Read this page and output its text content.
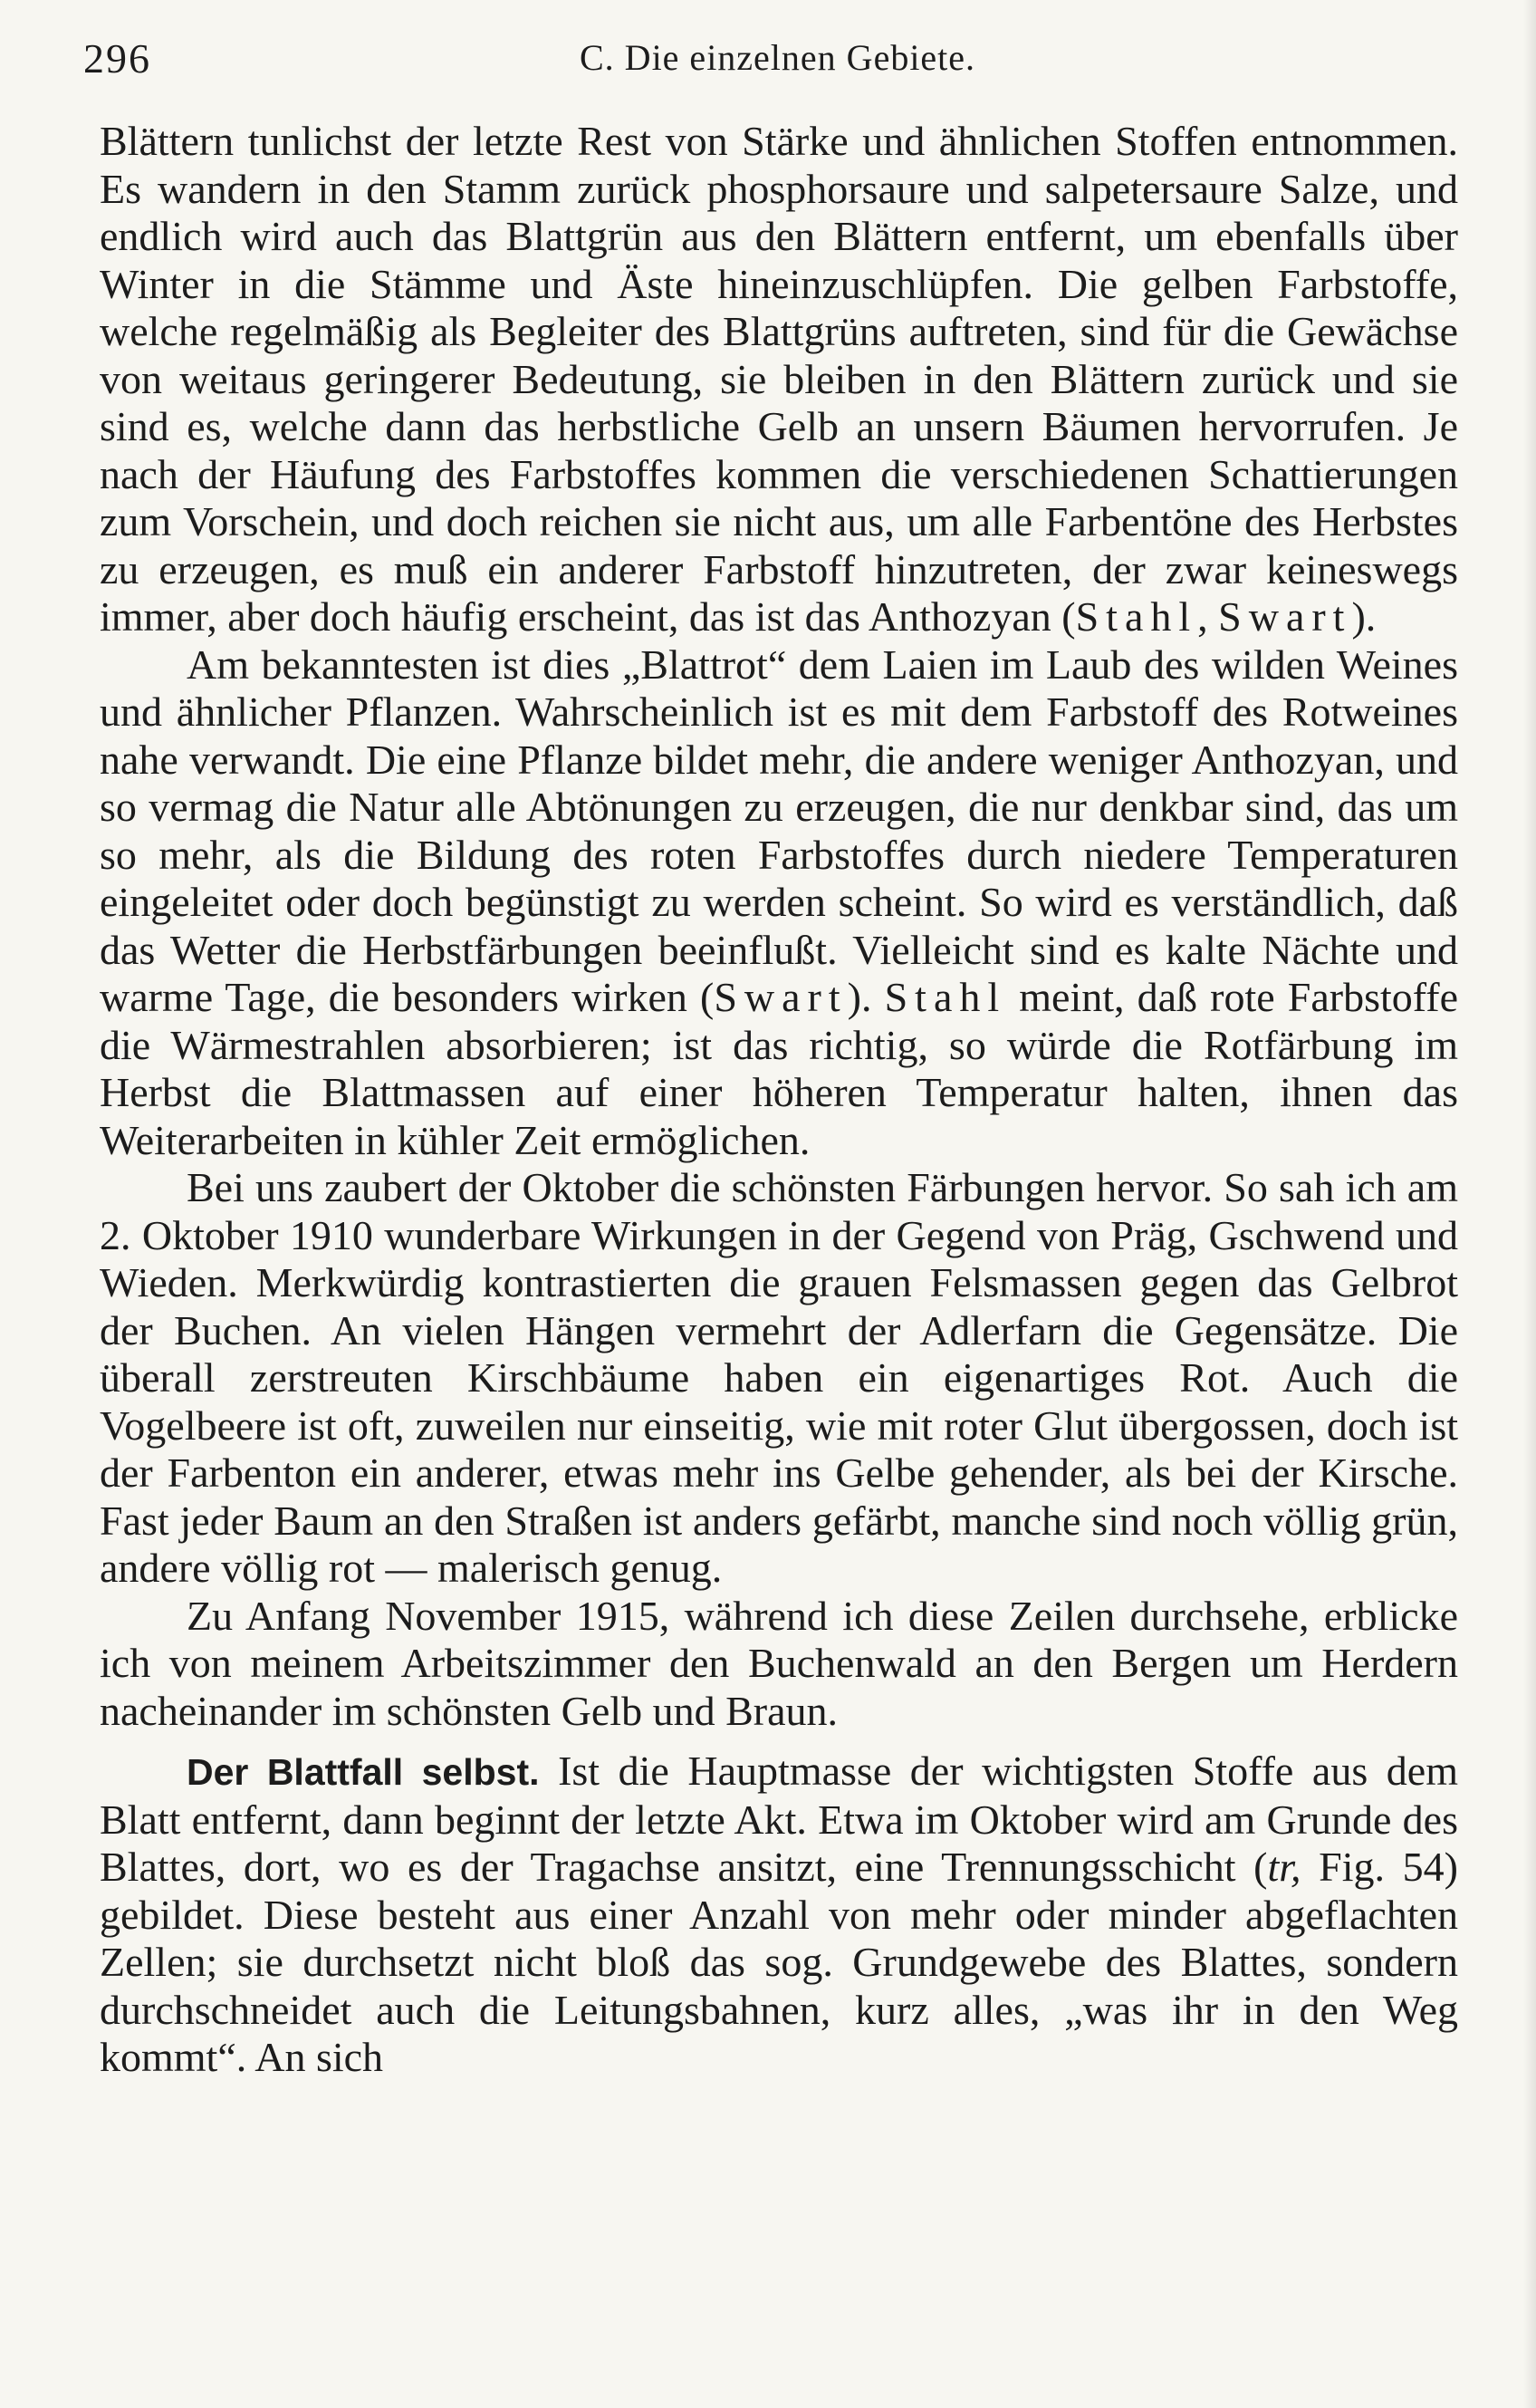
296	C. Die einzelnen Gebiete.

Blättern tunlichst der letzte Rest von Stärke und ähnlichen Stoffen entnommen. Es wandern in den Stamm zurück phosphorsaure und salpetersaure Salze, und endlich wird auch das Blattgrün aus den Blättern entfernt, um ebenfalls über Winter in die Stämme und Äste hineinzuschlüpfen. Die gelben Farbstoffe, welche regelmäßig als Begleiter des Blattgrüns auftreten, sind für die Gewächse von weitaus geringerer Bedeutung, sie bleiben in den Blättern zurück und sie sind es, welche dann das herbstliche Gelb an unsern Bäumen hervorrufen. Je nach der Häufung des Farbstoffes kommen die verschiedenen Schattierungen zum Vorschein, und doch reichen sie nicht aus, um alle Farbentöne des Herbstes zu erzeugen, es muß ein anderer Farbstoff hinzutreten, der zwar keineswegs immer, aber doch häufig erscheint, das ist das Anthozyan (Stahl, Swart).

Am bekanntesten ist dies „Blattrot“ dem Laien im Laub des wilden Weines und ähnlicher Pflanzen. Wahrscheinlich ist es mit dem Farbstoff des Rotweines nahe verwandt. Die eine Pflanze bildet mehr, die andere weniger Anthozyan, und so vermag die Natur alle Abtönungen zu erzeugen, die nur denkbar sind, das um so mehr, als die Bildung des roten Farbstoffes durch niedere Temperaturen eingeleitet oder doch begünstigt zu werden scheint. So wird es verständlich, daß das Wetter die Herbstfärbungen beeinflußt. Vielleicht sind es kalte Nächte und warme Tage, die besonders wirken (Swart). Stahl meint, daß rote Farbstoffe die Wärmestrahlen absorbieren; ist das richtig, so würde die Rotfärbung im Herbst die Blattmassen auf einer höheren Temperatur halten, ihnen das Weiterarbeiten in kühler Zeit ermöglichen.

Bei uns zaubert der Oktober die schönsten Färbungen hervor. So sah ich am 2. Oktober 1910 wunderbare Wirkungen in der Gegend von Präg, Gschwend und Wieden. Merkwürdig kontrastierten die grauen Felsmassen gegen das Gelbrot der Buchen. An vielen Hängen vermehrt der Adlerfarn die Gegensätze. Die überall zerstreuten Kirschbäume haben ein eigenartiges Rot. Auch die Vogelbeere ist oft, zuweilen nur einseitig, wie mit roter Glut übergossen, doch ist der Farbenton ein anderer, etwas mehr ins Gelbe gehender, als bei der Kirsche. Fast jeder Baum an den Straßen ist anders gefärbt, manche sind noch völlig grün, andere völlig rot — malerisch genug.

Zu Anfang November 1915, während ich diese Zeilen durchsehe, erblicke ich von meinem Arbeitszimmer den Buchenwald an den Bergen um Herdern nacheinander im schönsten Gelb und Braun.

Der Blattfall selbst. Ist die Hauptmasse der wichtigsten Stoffe aus dem Blatt entfernt, dann beginnt der letzte Akt. Etwa im Oktober wird am Grunde des Blattes, dort, wo es der Tragachse ansitzt, eine Trennungsschicht (tr, Fig. 54) gebildet. Diese besteht aus einer Anzahl von mehr oder minder abgeflachten Zellen; sie durchsetzt nicht bloß das sog. Grundgewebe des Blattes, sondern durchschneidet auch die Leitungsbahnen, kurz alles, „was ihr in den Weg kommt“. An sich
